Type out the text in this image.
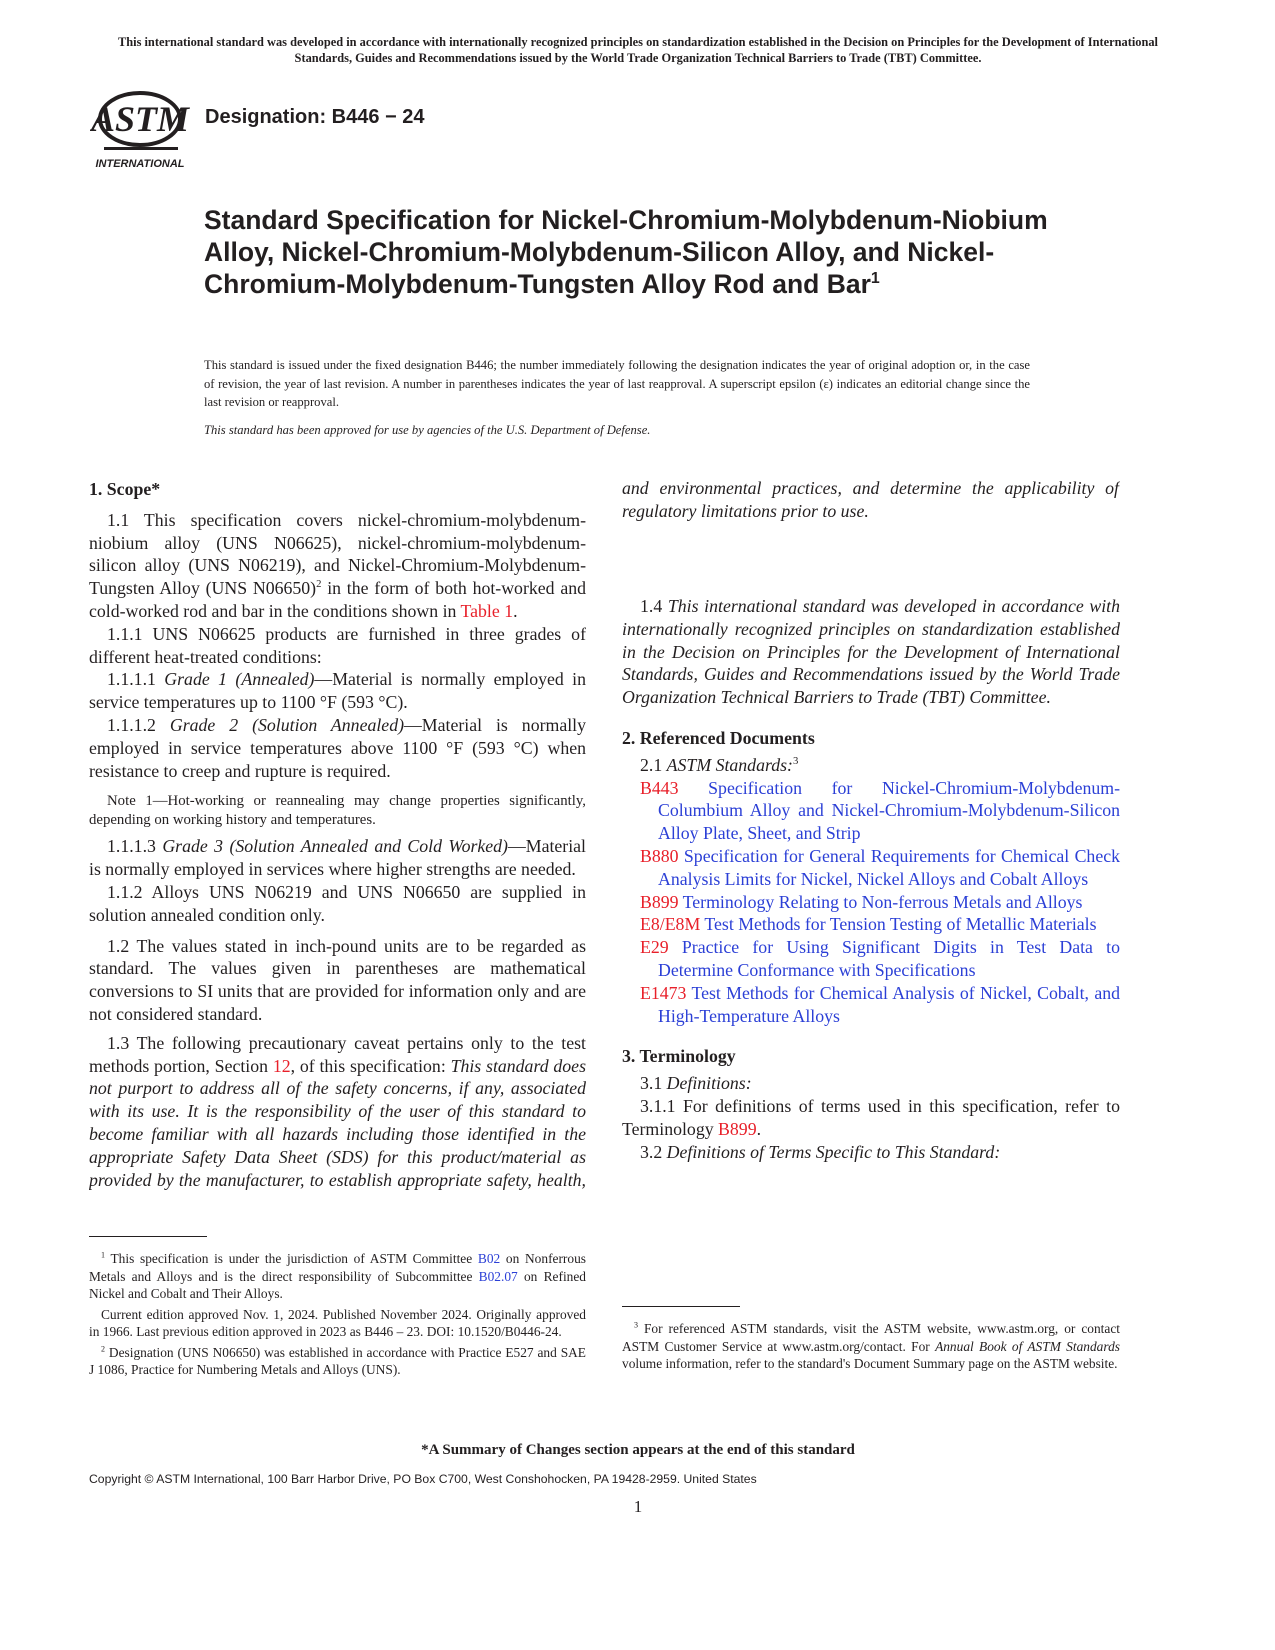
This international standard was developed in accordance with internationally recognized principles on standardization established in the Decision on Principles for the Development of International Standards, Guides and Recommendations issued by the World Trade Organization Technical Barriers to Trade (TBT) Committee.
ASTM
INTERNATIONAL
Designation: B446 − 24
Standard Specification for Nickel-Chromium-Molybdenum-Niobium Alloy, Nickel-Chromium-Molybdenum-Silicon Alloy, and Nickel-Chromium-Molybdenum-Tungsten Alloy Rod and Bar$^1$
This standard is issued under the fixed designation B446; the number immediately following the designation indicates the year of original adoption or, in the case of revision, the year of last revision. A number in parentheses indicates the year of last reapproval. A superscript epsilon (ε) indicates an editorial change since the last revision or reapproval.
This standard has been approved for use by agencies of the U.S. Department of Defense.

1. Scope*

1.1 This specification covers nickel-chromium-molybdenum-niobium alloy (UNS N06625), nickel-chromium-molybdenum-silicon alloy (UNS N06219), and Nickel-Chromium-Molybdenum-Tungsten Alloy (UNS N06650)$^2$ in the form of both hot-worked and cold-worked rod and bar in the conditions shown in Table 1.

1.1.1 UNS N06625 products are furnished in three grades of different heat-treated conditions:

1.1.1.1 Grade 1 (Annealed)—Material is normally employed in service temperatures up to 1100 °F (593 °C).

1.1.1.2 Grade 2 (Solution Annealed)—Material is normally employed in service temperatures above 1100 °F (593 °C) when resistance to creep and rupture is required.

Note 1—Hot-working or reannealing may change properties significantly, depending on working history and temperatures.

1.1.1.3 Grade 3 (Solution Annealed and Cold Worked)—Material is normally employed in services where higher strengths are needed.

1.1.2 Alloys UNS N06219 and UNS N06650 are supplied in solution annealed condition only.

1.2 The values stated in inch-pound units are to be regarded as standard. The values given in parentheses are mathematical conversions to SI units that are provided for information only and are not considered standard.

1.3 The following precautionary caveat pertains only to the test methods portion, Section 12, of this specification: This standard does not purport to address all of the safety concerns, if any, associated with its use. It is the responsibility of the user of this standard to become familiar with all hazards including those identified in the appropriate Safety Data Sheet (SDS) for this product/material as provided by the manufacturer, to establish appropriate safety, health,

1.4 This international standard was developed in accordance with internationally recognized principles on standardization established in the Decision on Principles for the Development of International Standards, Guides and Recommendations issued by the World Trade Organization Technical Barriers to Trade (TBT) Committee.

2. Referenced Documents

2.1 ASTM Standards:$^3$

B443 Specification for Nickel-Chromium-Molybdenum-Columbium Alloy and Nickel-Chromium-Molybdenum-Silicon Alloy Plate, Sheet, and Strip

B880 Specification for General Requirements for Chemical Check Analysis Limits for Nickel, Nickel Alloys and Cobalt Alloys

B899 Terminology Relating to Non-ferrous Metals and Alloys

E8/E8M Test Methods for Tension Testing of Metallic Materials

E29 Practice for Using Significant Digits in Test Data to Determine Conformance with Specifications

E1473 Test Methods for Chemical Analysis of Nickel, Cobalt, and High-Temperature Alloys

3. Terminology

3.1 Definitions:

3.1.1 For definitions of terms used in this specification, refer to Terminology B899.

3.2 Definitions of Terms Specific to This Standard:

$^1$ This specification is under the jurisdiction of ASTM Committee B02 on Nonferrous Metals and Alloys and is the direct responsibility of Subcommittee B02.07 on Refined Nickel and Cobalt and Their Alloys.

Current edition approved Nov. 1, 2024. Published November 2024. Originally approved in 1966. Last previous edition approved in 2023 as B446 – 23. DOI: 10.1520/B0446-24.

$^2$ Designation (UNS N06650) was established in accordance with Practice E527 and SAE J 1086, Practice for Numbering Metals and Alloys (UNS).

$^3$ For referenced ASTM standards, visit the ASTM website, www.astm.org, or contact ASTM Customer Service at www.astm.org/contact. For Annual Book of ASTM Standards volume information, refer to the standard's Document Summary page on the ASTM website.

*A Summary of Changes section appears at the end of this standard
Copyright © ASTM International, 100 Barr Harbor Drive, PO Box C700, West Conshohocken, PA 19428-2959. United States
1

and environmental practices, and determine the applicability of regulatory limitations prior to use.
